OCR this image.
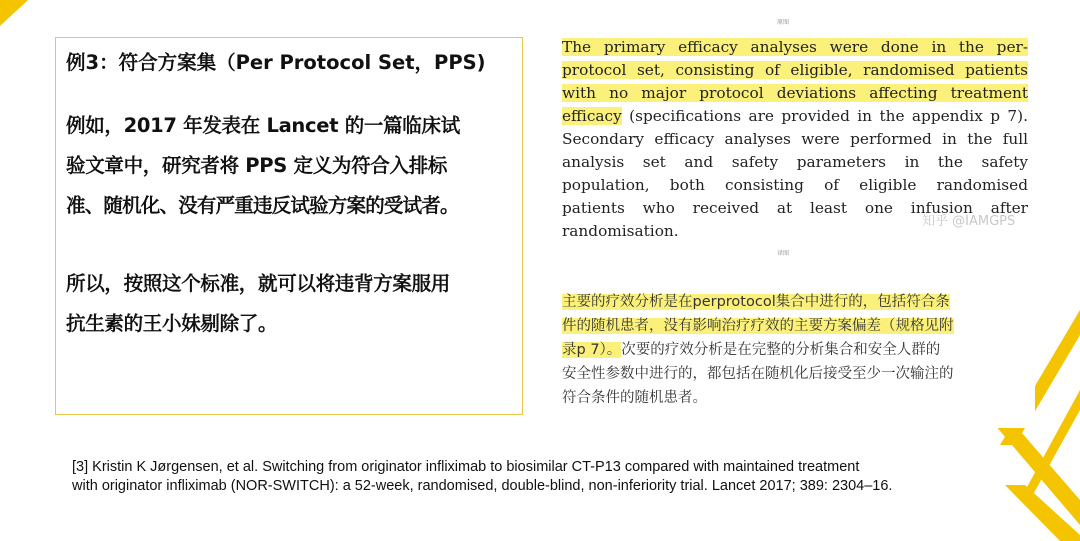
例3：符合方案集（Per Protocol Set，PPS)
例如，2017 年发表在 Lancet 的一篇临床试
验文章中，研究者将 PPS 定义为符合入排标
准、随机化、没有严重违反试验方案的受试者。
所以，按照这个标准，就可以将违背方案服用
抗生素的王小妹剔除了。
原图
The primary efficacy analyses were done in the per-
protocol set, consisting of eligible, randomised patients
with no major protocol deviations affecting treatment
efficacy (specifications are provided in the appendix p 7).
Secondary efficacy analyses were performed in the full
analysis set and safety parameters in the safety
population, both consisting of eligible randomised
patients who received at least one infusion after
randomisation.
知乎 @IAMGPS
译图
主要的疗效分析是在perprotocol集合中进行的，包括符合条
件的随机患者，没有影响治疗疗效的主要方案偏差（规格见附
录p 7）。次要的疗效分析是在完整的分析集合和安全人群的
安全性参数中进行的，都包括在随机化后接受至少一次输注的
符合条件的随机患者。
[3] Kristin K Jørgensen, et al. Switching from originator infliximab to biosimilar CT-P13 compared with maintained treatment
with originator infliximab (NOR-SWITCH): a 52-week, randomised, double-blind, non-inferiority trial. Lancet 2017; 389: 2304–16.
